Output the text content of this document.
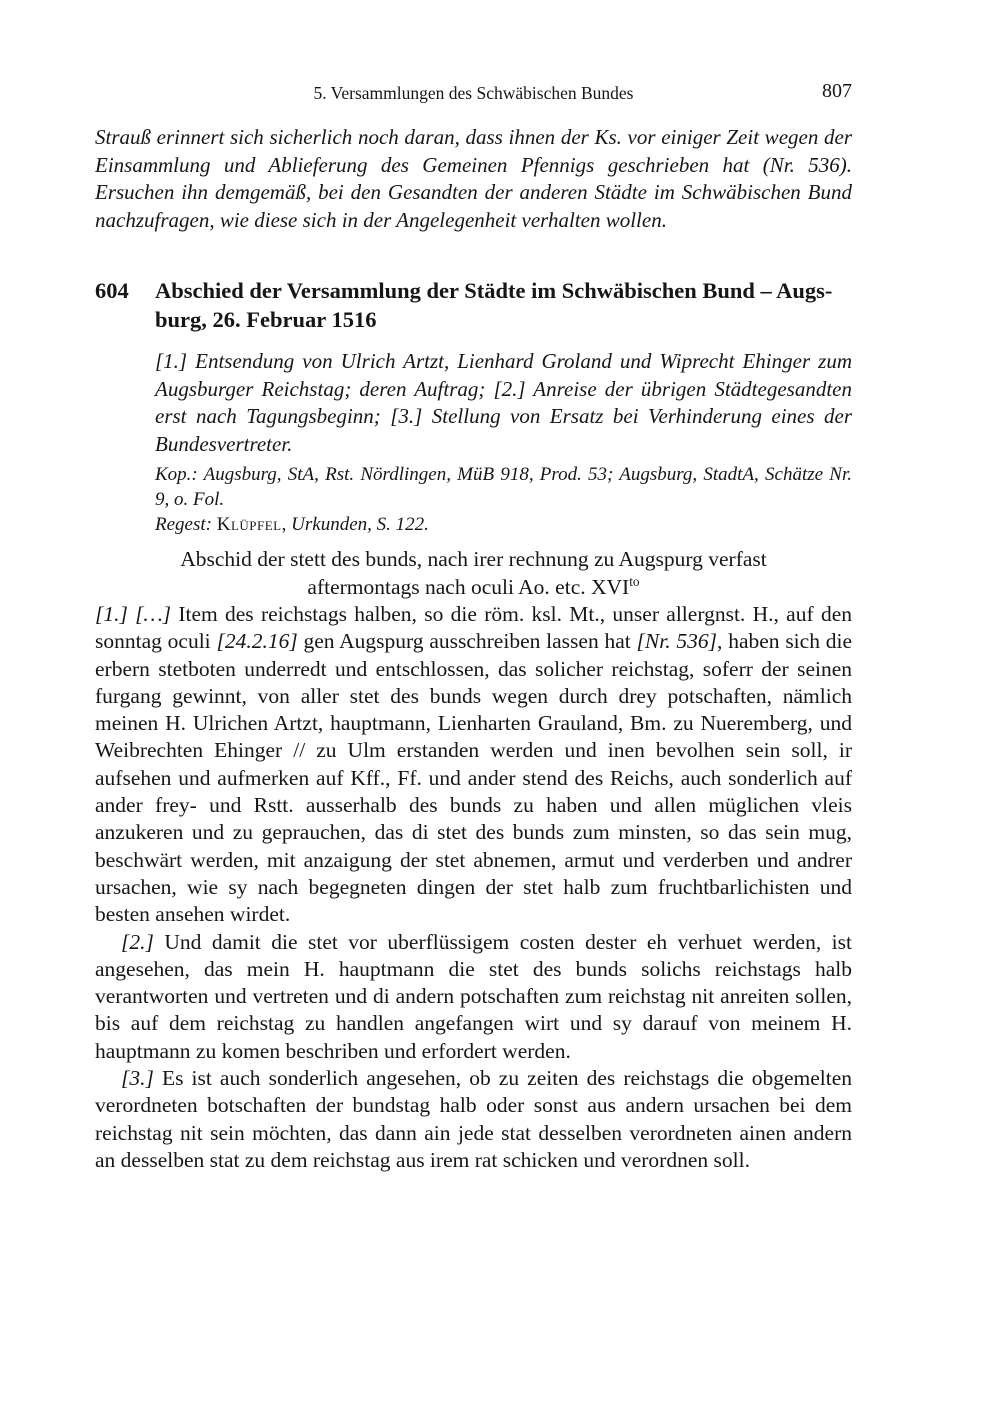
5. Versammlungen des Schwäbischen Bundes	807

Strauß erinnert sich sicherlich noch daran, dass ihnen der Ks. vor einiger Zeit wegen der Einsammlung und Ablieferung des Gemeinen Pfennigs geschrieben hat (Nr. 536). Ersuchen ihn demgemäß, bei den Gesandten der anderen Städte im Schwäbischen Bund nachzufragen, wie diese sich in der Angelegenheit verhalten wollen.

604	Abschied der Versammlung der Städte im Schwäbischen Bund – Augs-
burg, 26. Februar 1516

[1.] Entsendung von Ulrich Artzt, Lienhard Groland und Wiprecht Ehinger zum Augsburger Reichstag; deren Auftrag; [2.] Anreise der übrigen Städtegesandten erst nach Tagungsbeginn; [3.] Stellung von Ersatz bei Verhinderung eines der Bundesvertreter.

Kop.: Augsburg, StA, Rst. Nördlingen, MüB 918, Prod. 53; Augsburg, StadtA, Schätze Nr. 9, o. Fol.

Regest: Klüpfel, Urkunden, S. 122.

Abschid der stett des bunds, nach irer rechnung zu Augspurg verfast
aftermontags nach oculi Ao. etc. $XVI^{to}$

[1.] […] Item des reichstags halben, so die röm. ksl. Mt., unser allergnst. H., auf den sonntag oculi [24.2.16] gen Augspurg ausschreiben lassen hat [Nr. 536], haben sich die erbern stetboten underredt und entschlossen, das solicher reichstag, soferr der seinen furgang gewinnt, von aller stet des bunds wegen durch drey potschaften, nämlich meinen H. Ulrichen Artzt, hauptmann, Lienharten Grauland, Bm. zu Nueremberg, und Weibrechten Ehinger // zu Ulm erstanden werden und inen bevolhen sein soll, ir aufsehen und aufmerken auf Kff., Ff. und ander stend des Reichs, auch sonderlich auf ander frey- und Rstt. ausserhalb des bunds zu haben und allen müglichen vleis anzukeren und zu geprauchen, das di stet des bunds zum minsten, so das sein mug, beschwärt werden, mit anzaigung der stet abnemen, armut und verderben und andrer ursachen, wie sy nach begegneten dingen der stet halb zum fruchtbarlichisten und besten ansehen wirdet.

[2.] Und damit die stet vor uberflüssigem costen dester eh verhuet werden, ist angesehen, das mein H. hauptmann die stet des bunds solichs reichstags halb verantworten und vertreten und di andern potschaften zum reichstag nit anreiten sollen, bis auf dem reichstag zu handlen angefangen wirt und sy darauf von meinem H. hauptmann zu komen beschriben und erfordert werden.

[3.] Es ist auch sonderlich angesehen, ob zu zeiten des reichstags die obgemelten verordneten botschaften der bundstag halb oder sonst aus andern ursachen bei dem reichstag nit sein möchten, das dann ain jede stat desselben verordneten ainen andern an desselben stat zu dem reichstag aus irem rat schicken und verordnen soll.
